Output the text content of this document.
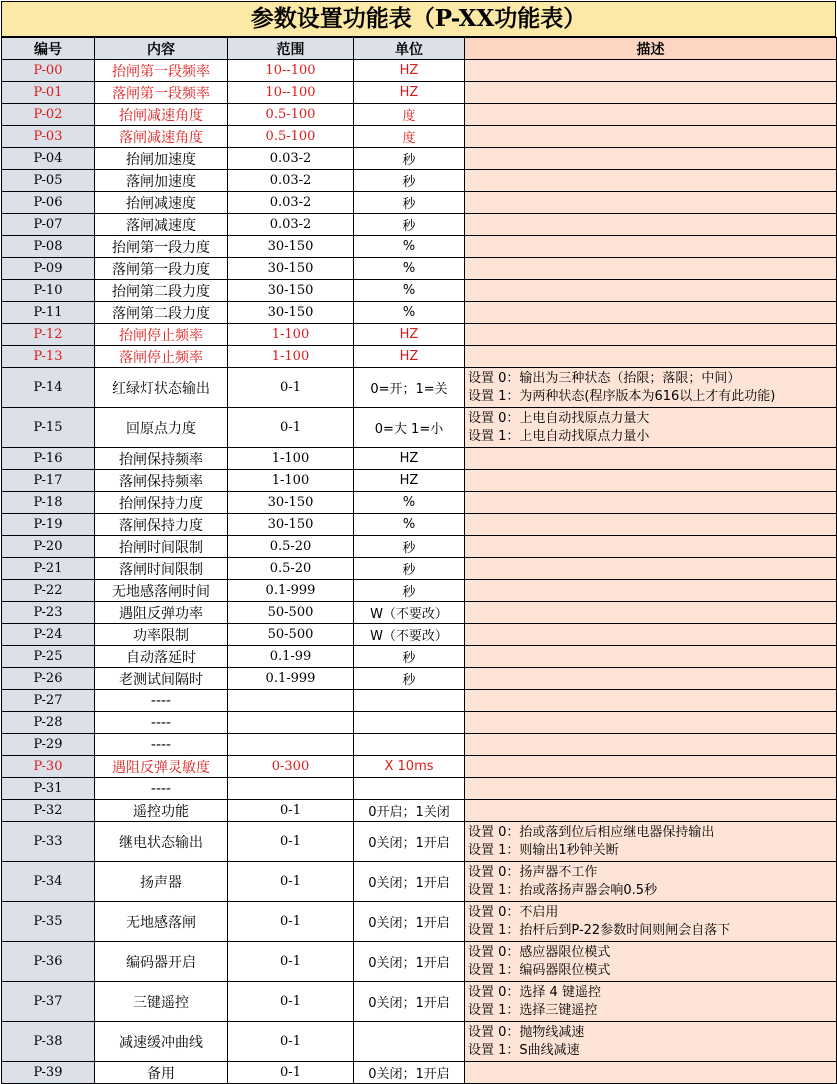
参数设置功能表（P-XX功能表）
编号	内容	范围	单位	描述
P-00	抬闸第一段频率	10--100	HZ	
P-01	落闸第一段频率	10--100	HZ	
P-02	抬闸减速角度	0.5-100	度	
P-03	落闸减速角度	0.5-100	度	
P-04	抬闸加速度	0.03-2	秒	
P-05	落闸加速度	0.03-2	秒	
P-06	抬闸减速度	0.03-2	秒	
P-07	落闸减速度	0.03-2	秒	
P-08	抬闸第一段力度	30-150	%	
P-09	落闸第一段力度	30-150	%	
P-10	抬闸第二段力度	30-150	%	
P-11	落闸第二段力度	30-150	%	
P-12	抬闸停止频率	1-100	HZ	
P-13	落闸停止频率	1-100	HZ	
P-14	红绿灯状态输出	0-1	0=开；1=关	设置 0：输出为三种状态（抬限；落限；中间）
设置 1：为两种状态(程序版本为616以上才有此功能)

P-15	回原点力度	0-1	0=大 1=小	设置 0：上电自动找原点力量大
设置 1：上电自动找原点力量小

P-16	抬闸保持频率	1-100	HZ	
P-17	落闸保持频率	1-100	HZ	
P-18	抬闸保持力度	30-150	%	
P-19	落闸保持力度	30-150	%	
P-20	抬闸时间限制	0.5-20	秒	
P-21	落闸时间限制	0.5-20	秒	
P-22	无地感落闸时间	0.1-999	秒	
P-23	遇阻反弹功率	50-500	W（不要改）	
P-24	功率限制	50-500	W（不要改）	
P-25	自动落延时	0.1-99	秒	
P-26	老测试间隔时	0.1-999	秒	
P-27	----			
P-28	----			
P-29	----			
P-30	遇阻反弹灵敏度	0-300	X 10ms	
P-31	----			
P-32	遥控功能	0-1	0开启；1关闭	
P-33	继电状态输出	0-1	0关闭；1开启	设置 0：抬或落到位后相应继电器保持输出
设置 1：则输出1秒钟关断

P-34	扬声器	0-1	0关闭；1开启	设置 0：扬声器不工作
设置 1：抬或落扬声器会响0.5秒

P-35	无地感落闸	0-1	0关闭；1开启	设置 0：不启用
设置 1：抬杆后到P-22参数时间则闸会自落下

P-36	编码器开启	0-1	0关闭；1开启	设置 0：感应器限位模式
设置 1：编码器限位模式

P-37	三键遥控	0-1	0关闭；1开启	设置 0：选择 4 键遥控
设置 1：选择三键遥控

P-38	减速缓冲曲线	0-1		设置 0：抛物线减速
设置 1：S曲线减速

P-39	备用	0-1	0关闭；1开启	
